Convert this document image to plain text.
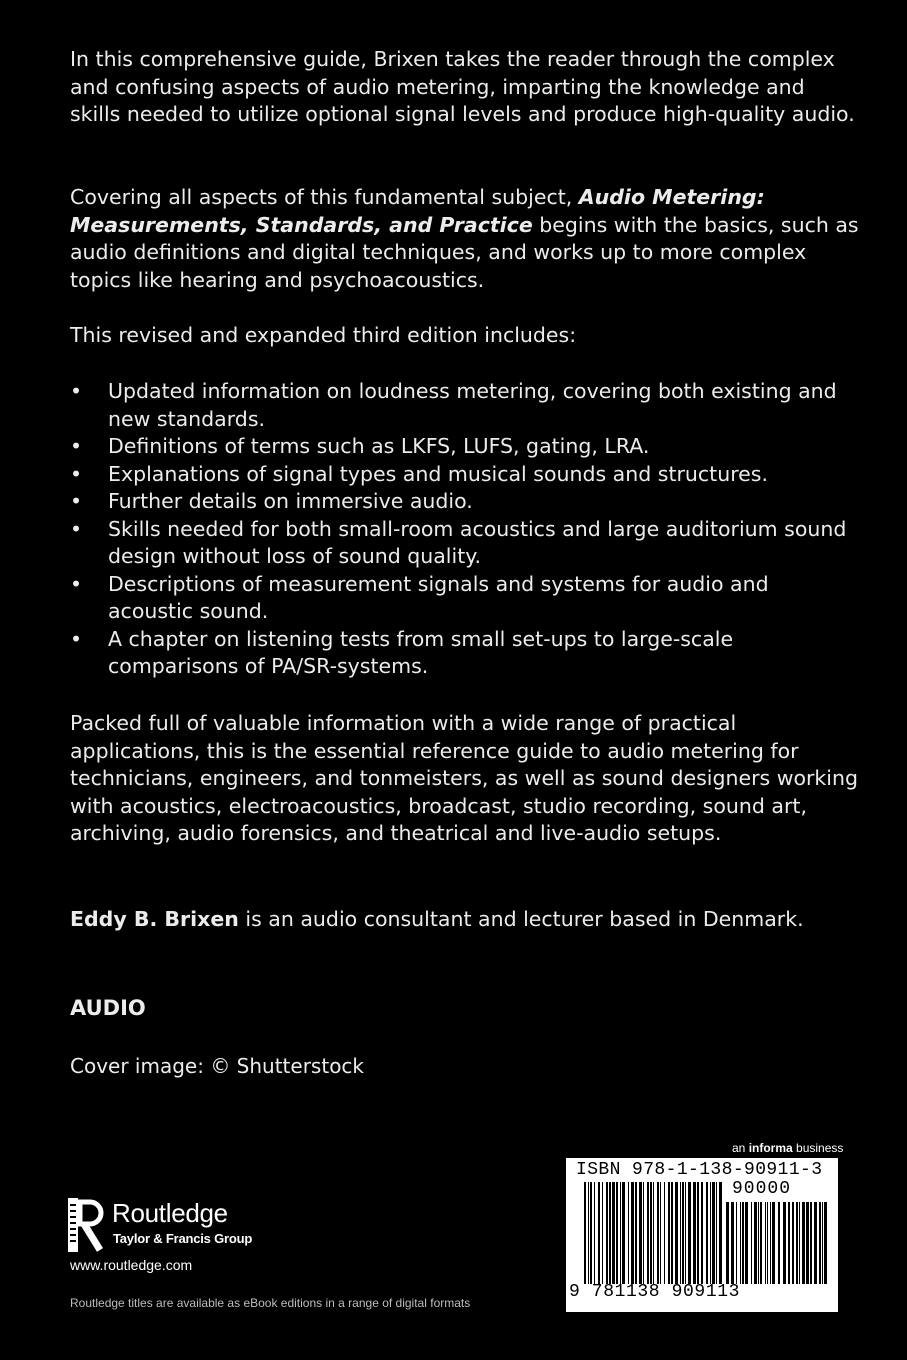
In this comprehensive guide, Brixen takes the reader through the complex and confusing aspects of audio metering, imparting the knowledge and skills needed to utilize optional signal levels and produce high-quality audio.

Covering all aspects of this fundamental subject, Audio Metering: Measurements, Standards, and Practice begins with the basics, such as audio definitions and digital techniques, and works up to more complex topics like hearing and psychoacoustics.

This revised and expanded third edition includes:

• Updated information on loudness metering, covering both existing and new standards.
• Definitions of terms such as LKFS, LUFS, gating, LRA.
• Explanations of signal types and musical sounds and structures.
• Further details on immersive audio.
• Skills needed for both small-room acoustics and large auditorium sound design without loss of sound quality.
• Descriptions of measurement signals and systems for audio and acoustic sound.
• A chapter on listening tests from small set-ups to large-scale comparisons of PA/SR-systems.

Packed full of valuable information with a wide range of practical applications, this is the essential reference guide to audio metering for technicians, engineers, and tonmeisters, as well as sound designers working with acoustics, electroacoustics, broadcast, studio recording, sound art, archiving, audio forensics, and theatrical and live-audio setups.

Eddy B. Brixen is an audio consultant and lecturer based in Denmark.

AUDIO

Cover image: © Shutterstock

Routledge
Taylor & Francis Group

www.routledge.com

Routledge titles are available as eBook editions in a range of digital formats

an informa business

ISBN 978-1-138-90911-3
90000
9 781138 909113
